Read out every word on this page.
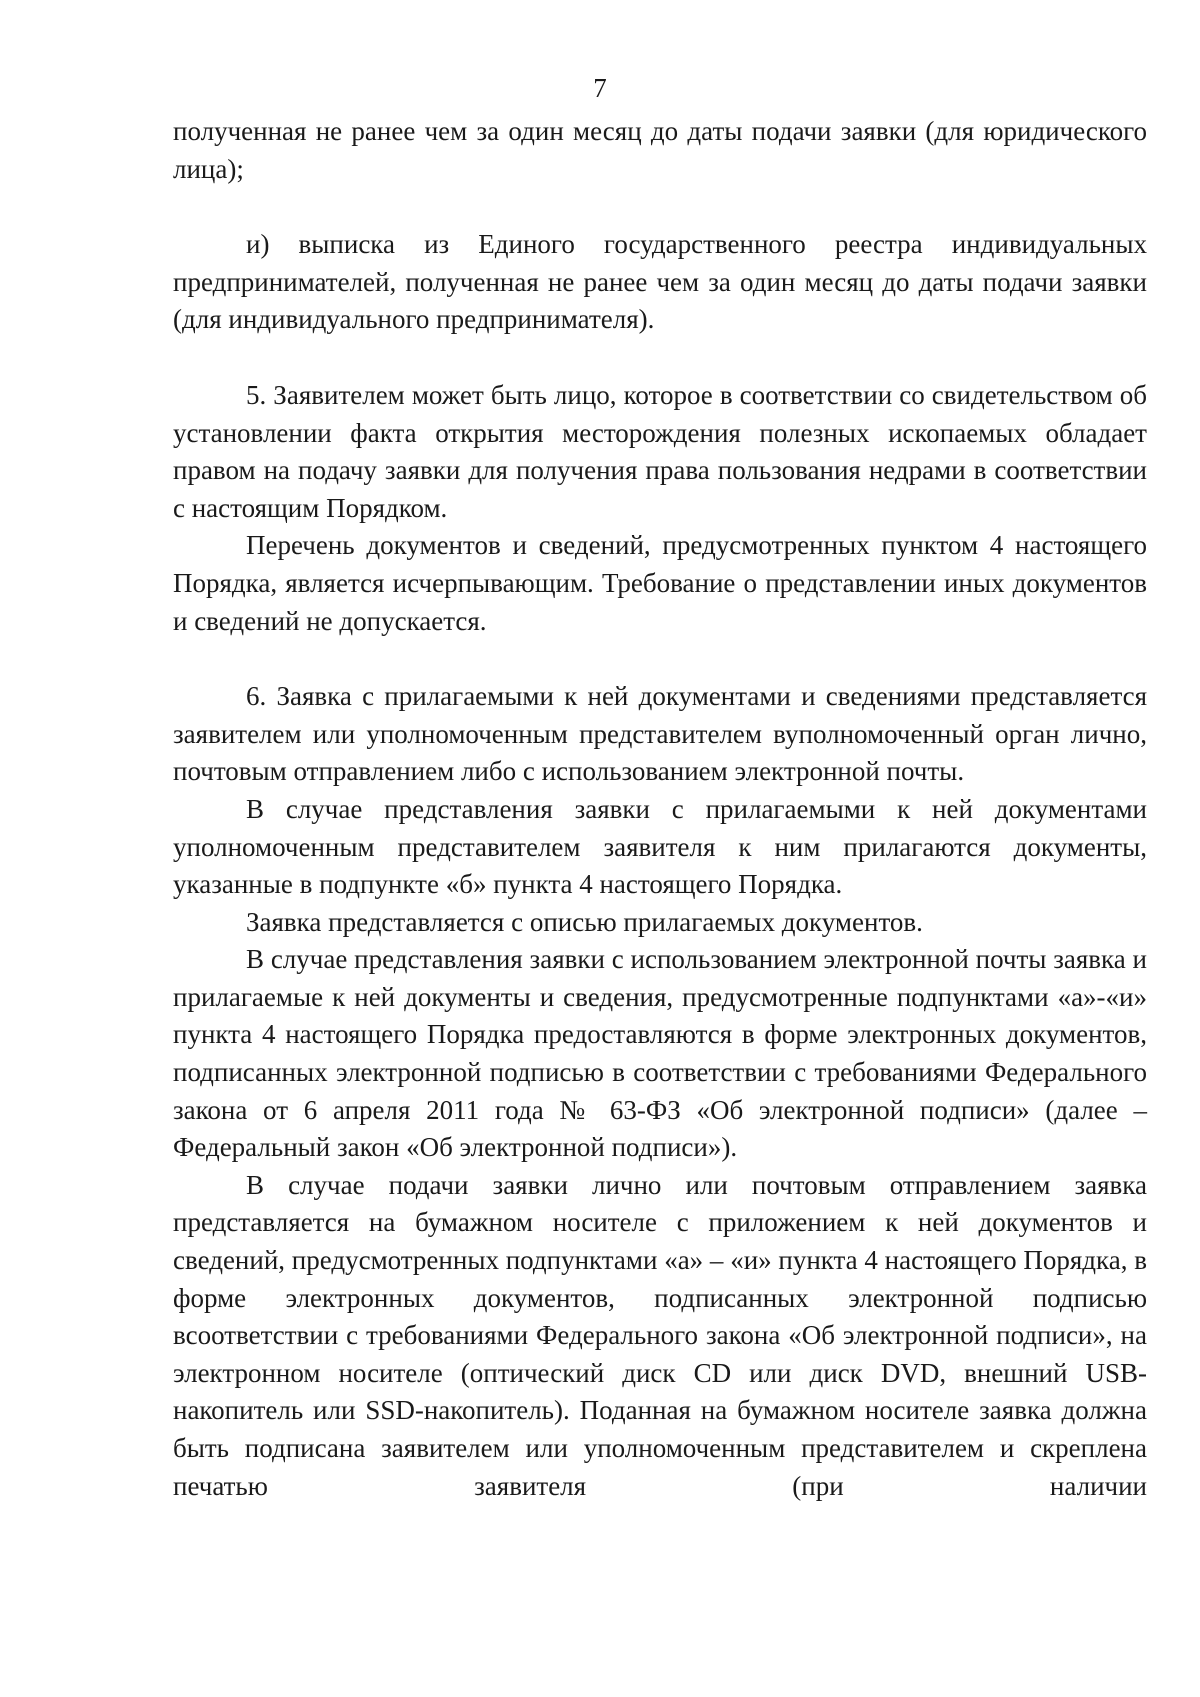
7

полученная не ранее чем за один месяц до даты подачи заявки (для юридического лица);

и) выписка из Единого государственного реестра индивидуальных предпринимателей, полученная не ранее чем за один месяц до даты подачи заявки (для индивидуального предпринимателя).

5. Заявителем может быть лицо, которое в соответствии со свидетельством об установлении факта открытия месторождения полезных ископаемых обладает правом на подачу заявки для получения права пользования недрами в соответствии с настоящим Порядком.

Перечень документов и сведений, предусмотренных пунктом 4 настоящего Порядка, является исчерпывающим. Требование о представлении иных документов и сведений не допускается.

6. Заявка с прилагаемыми к ней документами и сведениями представляется заявителем или уполномоченным представителем вуполномоченный орган лично, почтовым отправлением либо с использованием электронной почты.

В случае представления заявки с прилагаемыми к ней документами уполномоченным представителем заявителя к ним прилагаются документы, указанные в подпункте «б» пункта 4 настоящего Порядка.

Заявка представляется с описью прилагаемых документов.

В случае представления заявки с использованием электронной почты заявка и прилагаемые к ней документы и сведения, предусмотренные подпунктами «а»-«и» пункта 4 настоящего Порядка предоставляются в форме электронных документов, подписанных электронной подписью в соответствии с требованиями Федерального закона от 6 апреля 2011 года № 63-ФЗ «Об электронной подписи» (далее – Федеральный закон «Об электронной подписи»).

В случае подачи заявки лично или почтовым отправлением заявка представляется на бумажном носителе с приложением к ней документов и сведений, предусмотренных подпунктами «а» – «и» пункта 4 настоящего Порядка, в форме электронных документов, подписанных электронной подписью всоответствии с требованиями Федерального закона «Об электронной подписи», на электронном носителе (оптический диск CD или диск DVD, внешний USB-накопитель или SSD-накопитель). Поданная на бумажном носителе заявка должна быть подписана заявителем или уполномоченным представителем и скреплена печатью заявителя (при наличии
